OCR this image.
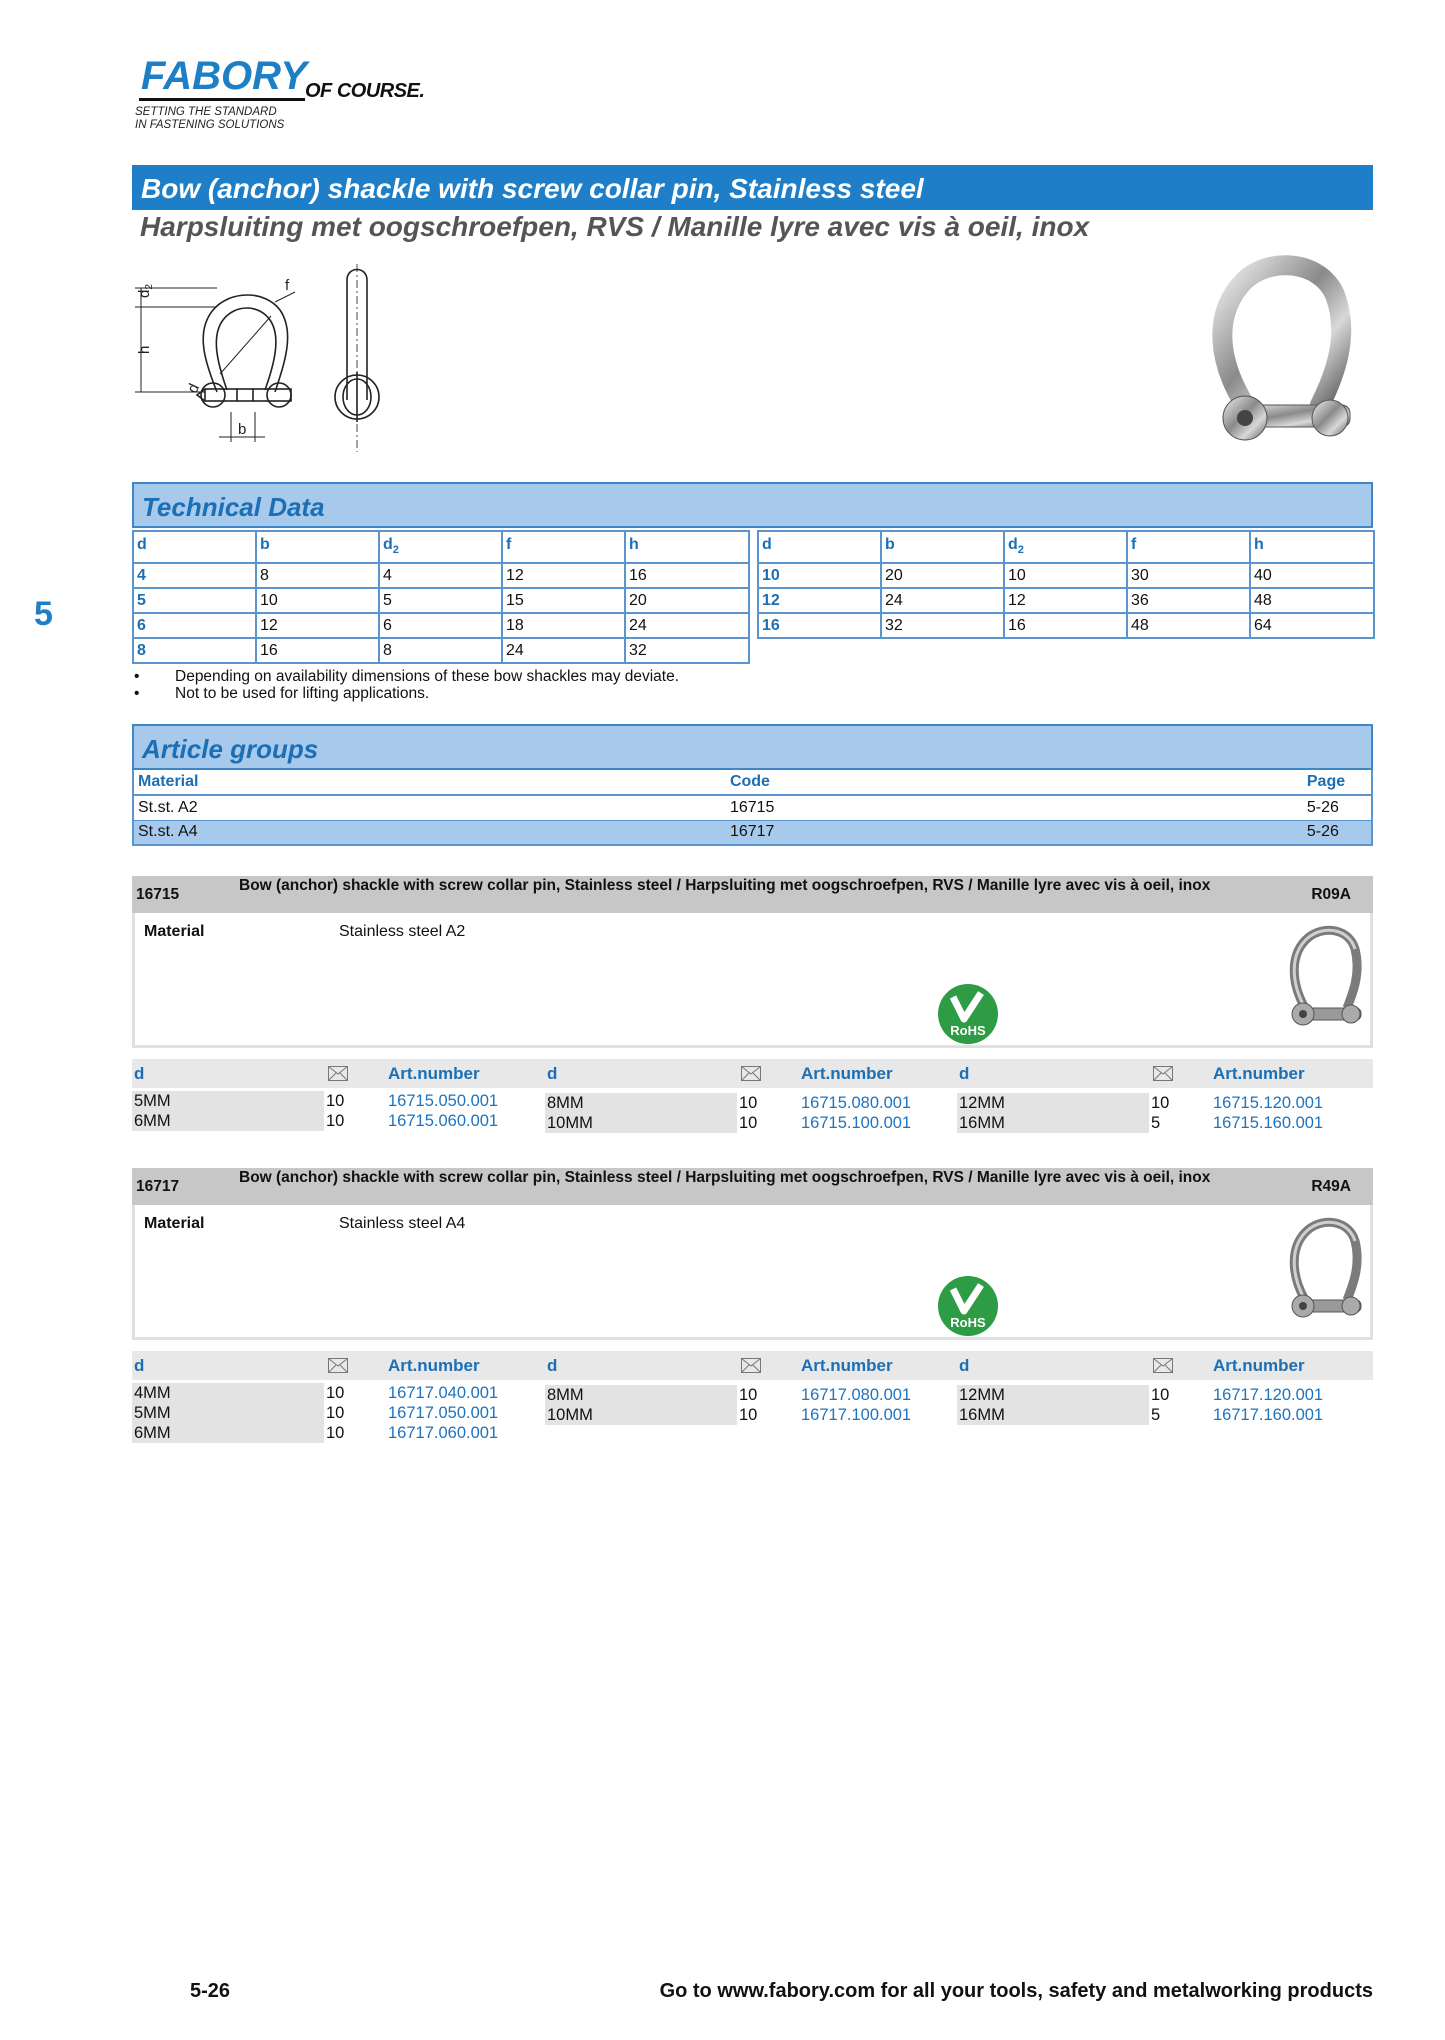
FABORY
OF COURSE.
SETTING THE STANDARD
IN FASTENING SOLUTIONS
Bow (anchor) shackle with screw collar pin, Stainless steel
Harpsluiting met oogschroefpen, RVS / Manille lyre avec vis à oeil, inox
$d_2$
h
f
d
b
Technical Data
5
d	b	$d_2$	f	h
4	8	4	12	16
5	10	5	15	20
6	12	6	18	24
8	16	8	24	32
d	b	$d_2$	f	h
10	20	10	30	40
12	24	12	36	48
16	32	16	48	64
• Depending on availability dimensions of these bow shackles may deviate.
• Not to be used for lifting applications.
Article groups
Material	Code	Page
St.st. A2	16715	5-26
St.st. A4	16717	5-26
16715
Bow (anchor) shackle with screw collar pin, Stainless steel / Harpsluiting met oogschroefpen, RVS / Manille lyre avec vis à oeil, inox
R09A
Material	Stainless steel A2
RoHS
d	Art.number	d	Art.number	d	Art.number
5MM	10	16715.050.001
6MM	10	16715.060.001
8MM	10	16715.080.001
10MM	10	16715.100.001
12MM	10	16715.120.001
16MM	5	16715.160.001
16717
Bow (anchor) shackle with screw collar pin, Stainless steel / Harpsluiting met oogschroefpen, RVS / Manille lyre avec vis à oeil, inox
R49A
Material	Stainless steel A4
RoHS
d	Art.number	d	Art.number	d	Art.number
4MM	10	16717.040.001
5MM	10	16717.050.001
6MM	10	16717.060.001
8MM	10	16717.080.001
10MM	10	16717.100.001
12MM	10	16717.120.001
16MM	5	16717.160.001
5-26	Go to www.fabory.com for all your tools, safety and metalworking products
